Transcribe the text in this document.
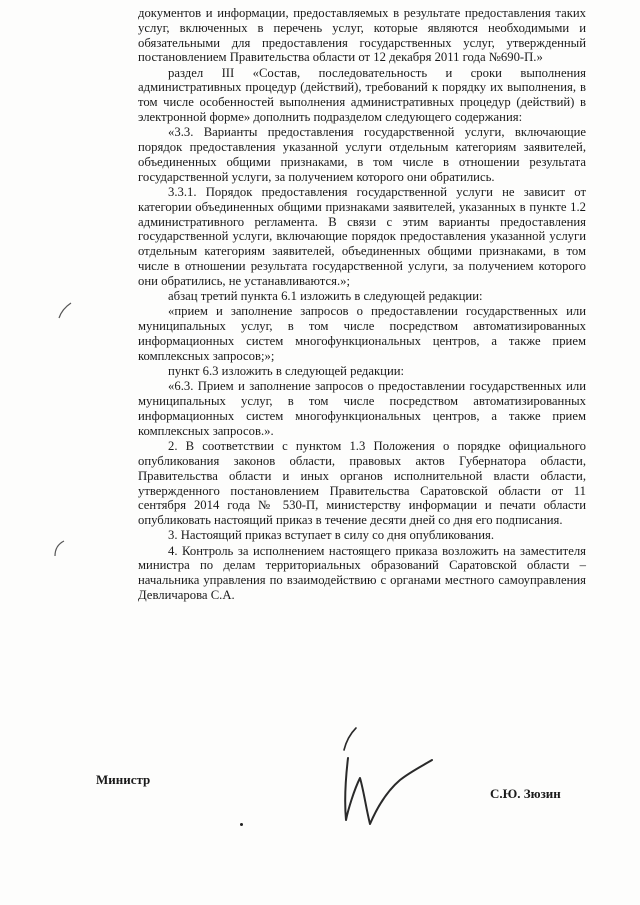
документов и информации, предоставляемых в результате предоставления таких услуг, включенных в перечень услуг, которые являются необходимыми и обязательными для предоставления государственных услуг, утвержденный постановлением Правительства области от 12 декабря 2011 года №690-П.»

раздел III «Состав, последовательность и сроки выполнения административных процедур (действий), требований к порядку их выполнения, в том числе особенностей выполнения административных процедур (действий) в электронной форме» дополнить подразделом следующего содержания:

«3.3. Варианты предоставления государственной услуги, включающие порядок предоставления указанной услуги отдельным категориям заявителей, объединенных общими признаками, в том числе в отношении результата государственной услуги, за получением которого они обратились.

3.3.1. Порядок предоставления государственной услуги не зависит от категории объединенных общими признаками заявителей, указанных в пункте 1.2 административного регламента. В связи с этим варианты предоставления государственной услуги, включающие порядок предоставления указанной услуги отдельным категориям заявителей, объединенных общими признаками, в том числе в отношении результата государственной услуги, за получением которого они обратились, не устанавливаются.»;

абзац третий пункта 6.1 изложить в следующей редакции:

«прием и заполнение запросов о предоставлении государственных или муниципальных услуг, в том числе посредством автоматизированных информационных систем многофункциональных центров, а также прием комплексных запросов;»;

пункт 6.3 изложить в следующей редакции:

«6.3. Прием и заполнение запросов о предоставлении государственных или муниципальных услуг, в том числе посредством автоматизированных информационных систем многофункциональных центров, а также прием комплексных запросов.».

2. В соответствии с пунктом 1.3 Положения о порядке официального опубликования законов области, правовых актов Губернатора области, Правительства области и иных органов исполнительной власти области, утвержденного постановлением Правительства Саратовской области от 11 сентября 2014 года № 530-П, министерству информации и печати области опубликовать настоящий приказ в течение десяти дней со дня его подписания.

3. Настоящий приказ вступает в силу со дня опубликования.

4. Контроль за исполнением настоящего приказа возложить на заместителя министра по делам территориальных образований Саратовской области – начальника управления по взаимодействию с органами местного самоуправления Девличарова С.А.

Министр
С.Ю. Зюзин
